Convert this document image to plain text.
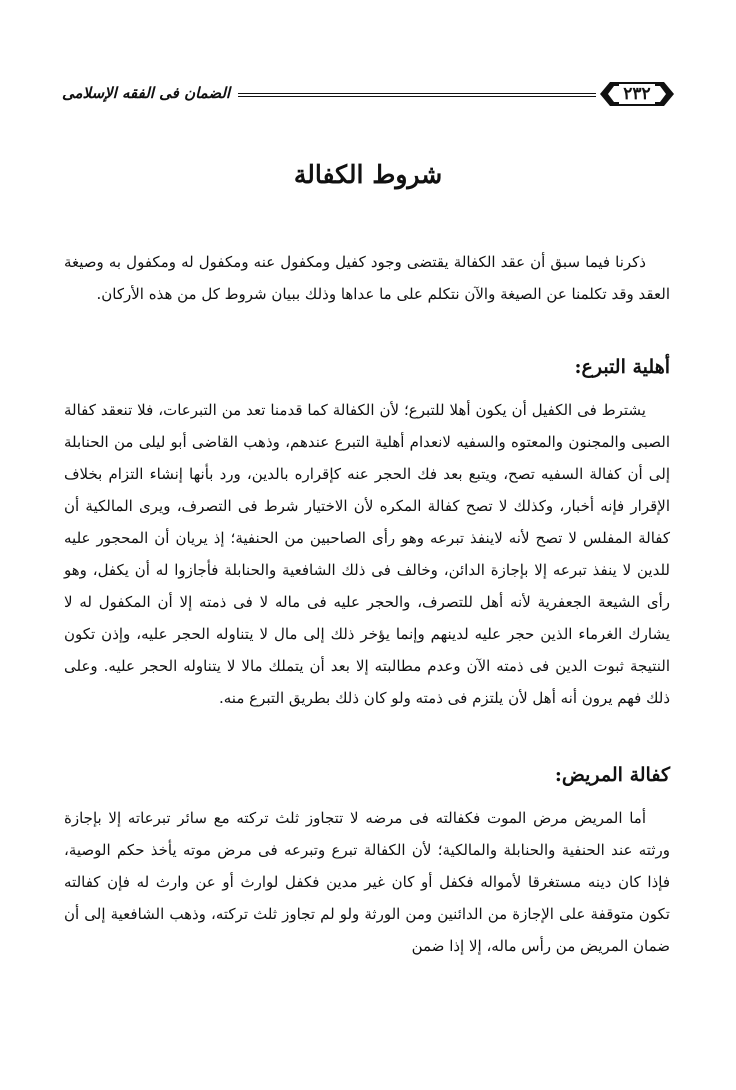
الضمان فى الفقه الإسلامى	٢٣٢
شروط الكفالة

ذكرنا فيما سبق أن عقد الكفالة يقتضى وجود كفيل ومكفول عنه ومكفول له ومكفول به وصيغة العقد وقد تكلمنا عن الصيغة والآن نتكلم على ما عداها وذلك ببيان شروط كل من هذه الأركان.

أهلية التبرع:

يشترط فى الكفيل أن يكون أهلا للتبرع؛ لأن الكفالة كما قدمنا تعد من التبرعات، فلا تنعقد كفالة الصبى والمجنون والمعتوه والسفيه لانعدام أهلية التبرع عندهم، وذهب القاضى أبو ليلى من الحنابلة إلى أن كفالة السفيه تصح، ويتبع بعد فك الحجر عنه كإقراره بالدين، ورد بأنها إنشاء التزام بخلاف الإقرار فإنه أخبار، وكذلك لا تصح كفالة المكره لأن الاختيار شرط فى التصرف، ويرى المالكية أن كفالة المفلس لا تصح لأنه لاينفذ تبرعه وهو رأى الصاحبين من الحنفية؛ إذ يريان أن المحجور عليه للدين لا ينفذ تبرعه إلا بإجازة الدائن، وخالف فى ذلك الشافعية والحنابلة فأجازوا له أن يكفل، وهو رأى الشيعة الجعفرية لأنه أهل للتصرف، والحجر عليه فى ماله لا فى ذمته إلا أن المكفول له لا يشارك الغرماء الذين حجر عليه لدينهم وإنما يؤخر ذلك إلى مال لا يتناوله الحجر عليه، وإذن تكون النتيجة ثبوت الدين فى ذمته الآن وعدم مطالبته إلا بعد أن يتملك مالا لا يتناوله الحجر عليه. وعلى ذلك فهم يرون أنه أهل لأن يلتزم فى ذمته ولو كان ذلك بطريق التبرع منه.

كفالة المريض:

أما المريض مرض الموت فكفالته فى مرضه لا تتجاوز ثلث تركته مع سائر تبرعاته إلا بإجازة ورثته عند الحنفية والحنابلة والمالكية؛ لأن الكفالة تبرع وتبرعه فى مرض موته يأخذ حكم الوصية، فإذا كان دينه مستغرقا لأمواله فكفل أو كان غير مدين فكفل لوارث أو عن وارث له فإن كفالته تكون متوقفة على الإجازة من الدائنين ومن الورثة ولو لم تجاوز ثلث تركته، وذهب الشافعية إلى أن ضمان المريض من رأس ماله، إلا إذا ضمن
